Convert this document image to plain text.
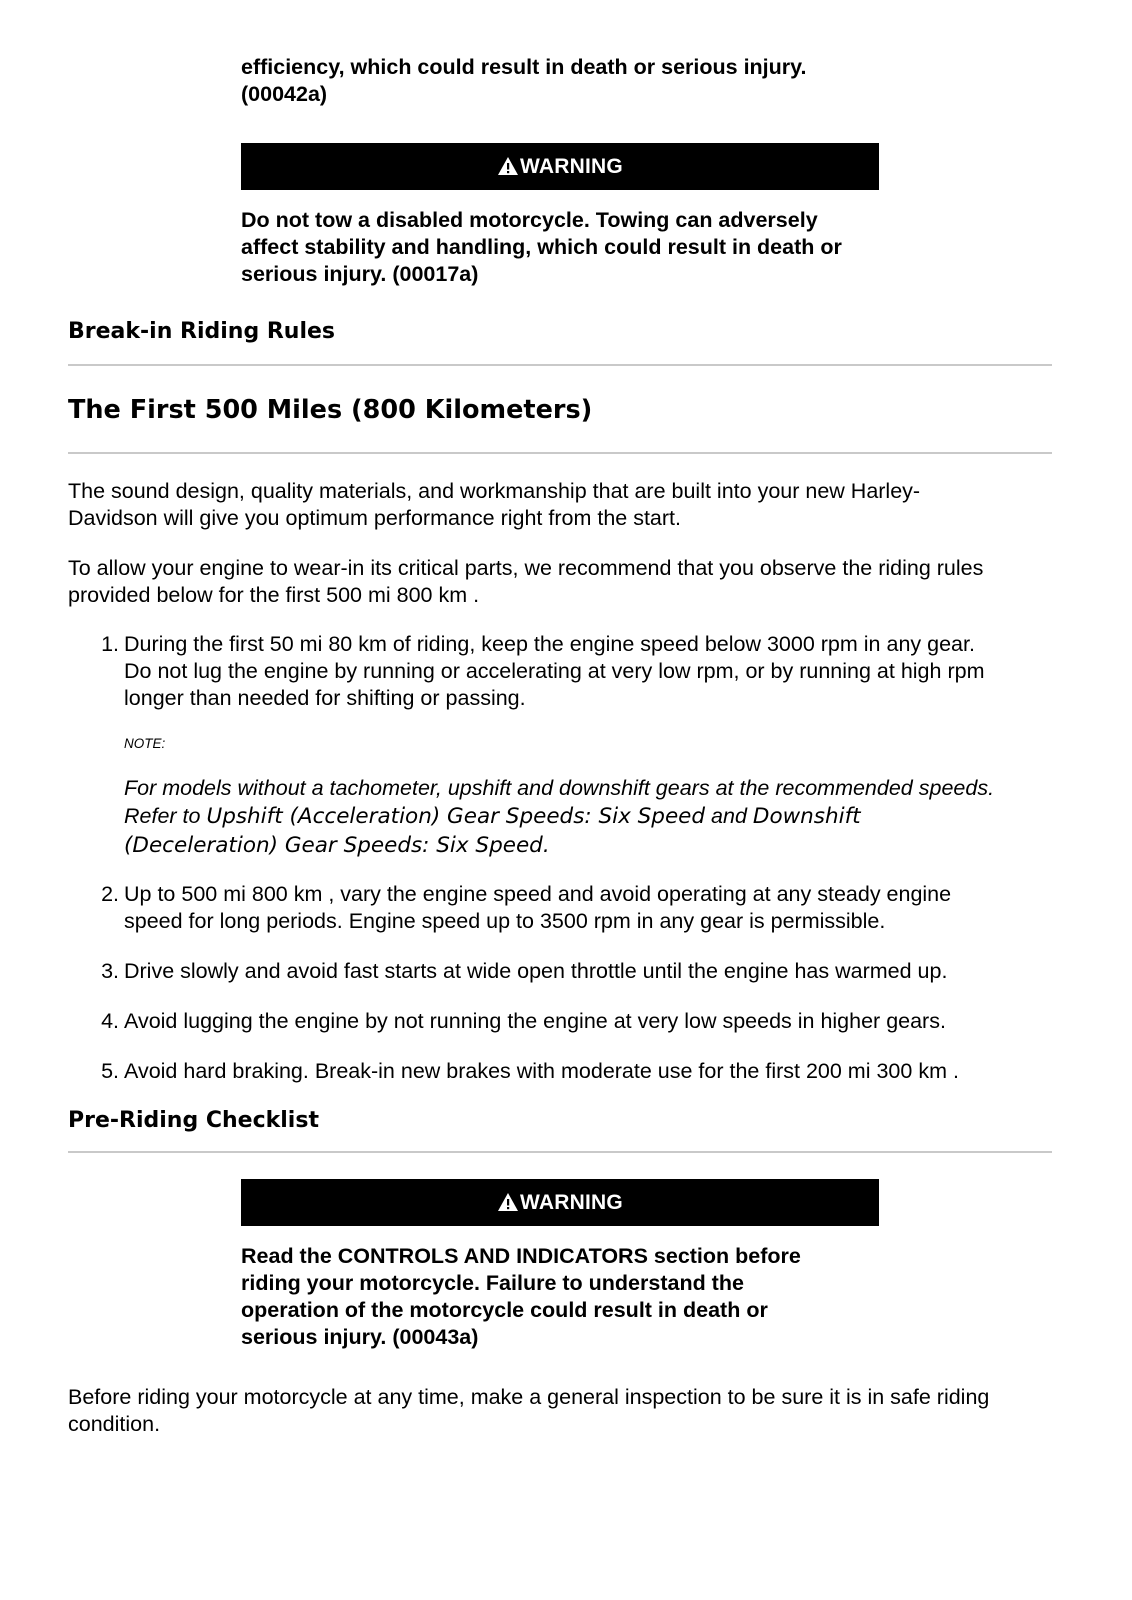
efficiency, which could result in death or serious injury.
(00042a)
WARNING
Do not tow a disabled motorcycle. Towing can adversely
affect stability and handling, which could result in death or
serious injury. (00017a)
Break-in Riding Rules
The First 500 Miles (800 Kilometers)
The sound design, quality materials, and workmanship that are built into your new Harley-
Davidson will give you optimum performance right from the start.
To allow your engine to wear-in its critical parts, we recommend that you observe the riding rules
provided below for the first 500 mi 800 km .
1. During the first 50 mi 80 km of riding, keep the engine speed below 3000 rpm in any gear.
Do not lug the engine by running or accelerating at very low rpm, or by running at high rpm
longer than needed for shifting or passing.
NOTE:
For models without a tachometer, upshift and downshift gears at the recommended speeds.
Refer to Upshift (Acceleration) Gear Speeds: Six Speed and Downshift
(Deceleration) Gear Speeds: Six Speed.
2. Up to 500 mi 800 km , vary the engine speed and avoid operating at any steady engine
speed for long periods. Engine speed up to 3500 rpm in any gear is permissible.
3. Drive slowly and avoid fast starts at wide open throttle until the engine has warmed up.
4. Avoid lugging the engine by not running the engine at very low speeds in higher gears.
5. Avoid hard braking. Break-in new brakes with moderate use for the first 200 mi 300 km .
Pre-Riding Checklist
WARNING
Read the CONTROLS AND INDICATORS section before
riding your motorcycle. Failure to understand the
operation of the motorcycle could result in death or
serious injury. (00043a)
Before riding your motorcycle at any time, make a general inspection to be sure it is in safe riding
condition.
